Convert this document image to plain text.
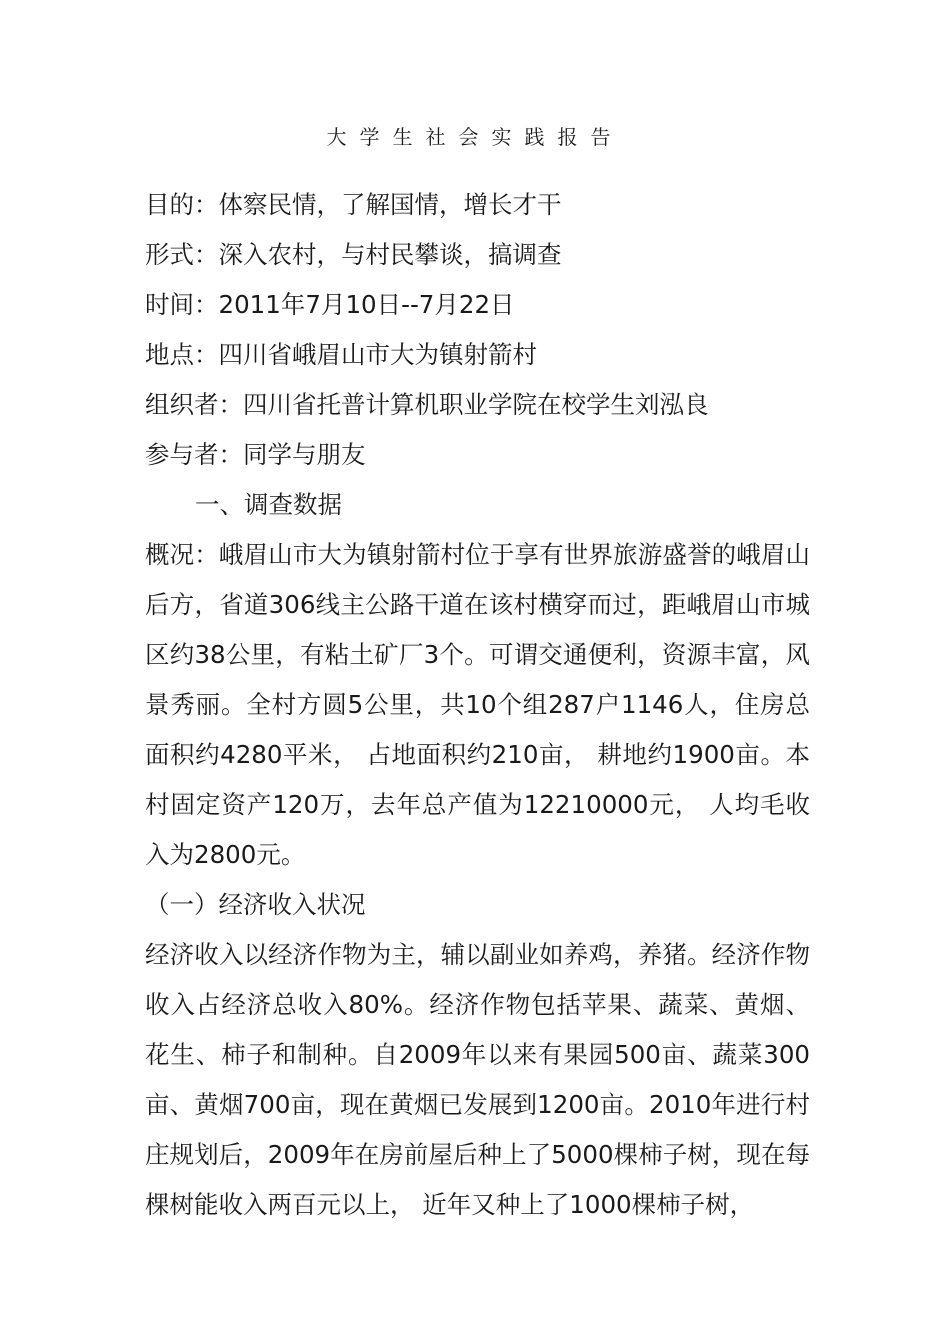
大学生社会实践报告
目的：体察民情，了解国情，增长才干
形式：深入农村，与村民攀谈，搞调查
时间：2011年7月10日--7月22日
地点：四川省峨眉山市大为镇射箭村
组织者：四川省托普计算机职业学院在校学生刘泓良
参与者：同学与朋友
一、调查数据
概况：峨眉山市大为镇射箭村位于享有世界旅游盛誉的峨眉山后方，省道306线主公路干道在该村横穿而过，距峨眉山市城区约38公里，有粘土矿厂3个。可谓交通便利，资源丰富，风景秀丽。全村方圆5公里，共10个组287户1146人，住房总面积约4280平米， 占地面积约210亩， 耕地约1900亩。本村固定资产120万，去年总产值为12210000元， 人均毛收入为2800元。
（一）经济收入状况
经济收入以经济作物为主，辅以副业如养鸡，养猪。经济作物收入占经济总收入80%。经济作物包括苹果、蔬菜、黄烟、花生、柿子和制种。自2009年以来有果园500亩、蔬菜300亩、黄烟700亩，现在黄烟已发展到1200亩。2010年进行村庄规划后，2009年在房前屋后种上了5000棵柿子树，现在每棵树能收入两百元以上， 近年又种上了1000棵柿子树，
